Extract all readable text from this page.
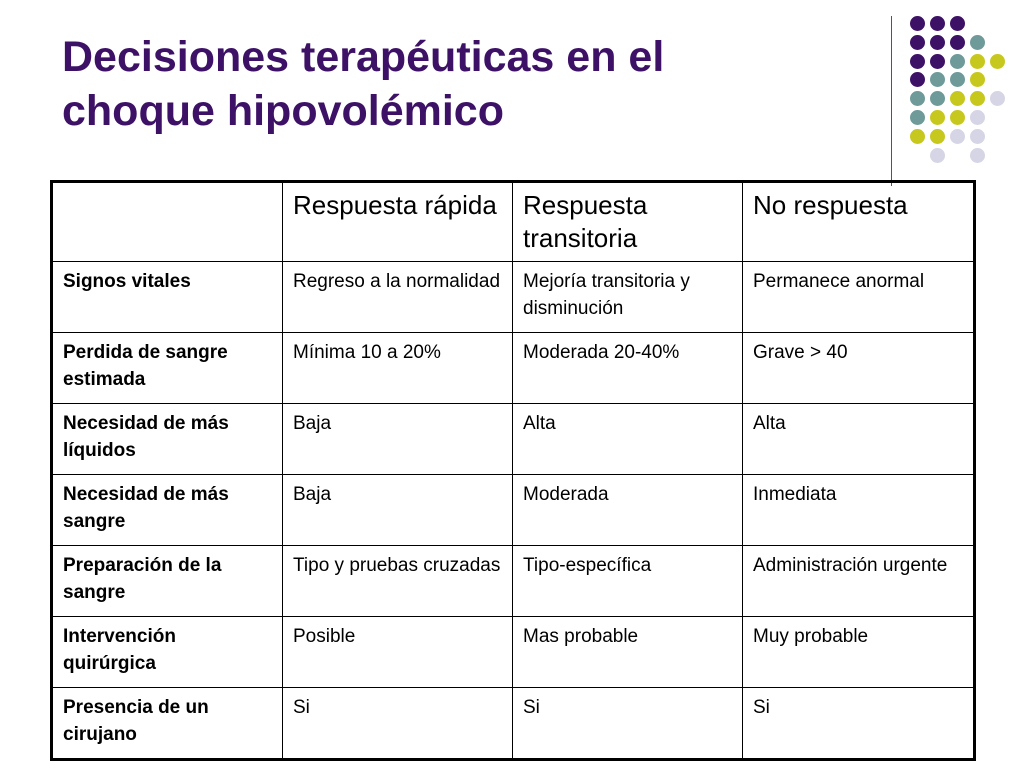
Decisiones terapéuticas en el
choque hipovolémico
	Respuesta rápida	Respuesta transitoria	No respuesta
Signos vitales	Regreso a la normalidad	Mejoría transitoria y disminución	Permanece anormal
Perdida de sangre estimada	Mínima 10 a 20%	Moderada 20-40%	Grave > 40
Necesidad de más líquidos	Baja	Alta	Alta
Necesidad de más sangre	Baja	Moderada	Inmediata
Preparación de la sangre	Tipo y pruebas cruzadas	Tipo-específica	Administración urgente
Intervención quirúrgica	Posible	Mas probable	Muy probable
Presencia de un cirujano	Si	Si	Si
